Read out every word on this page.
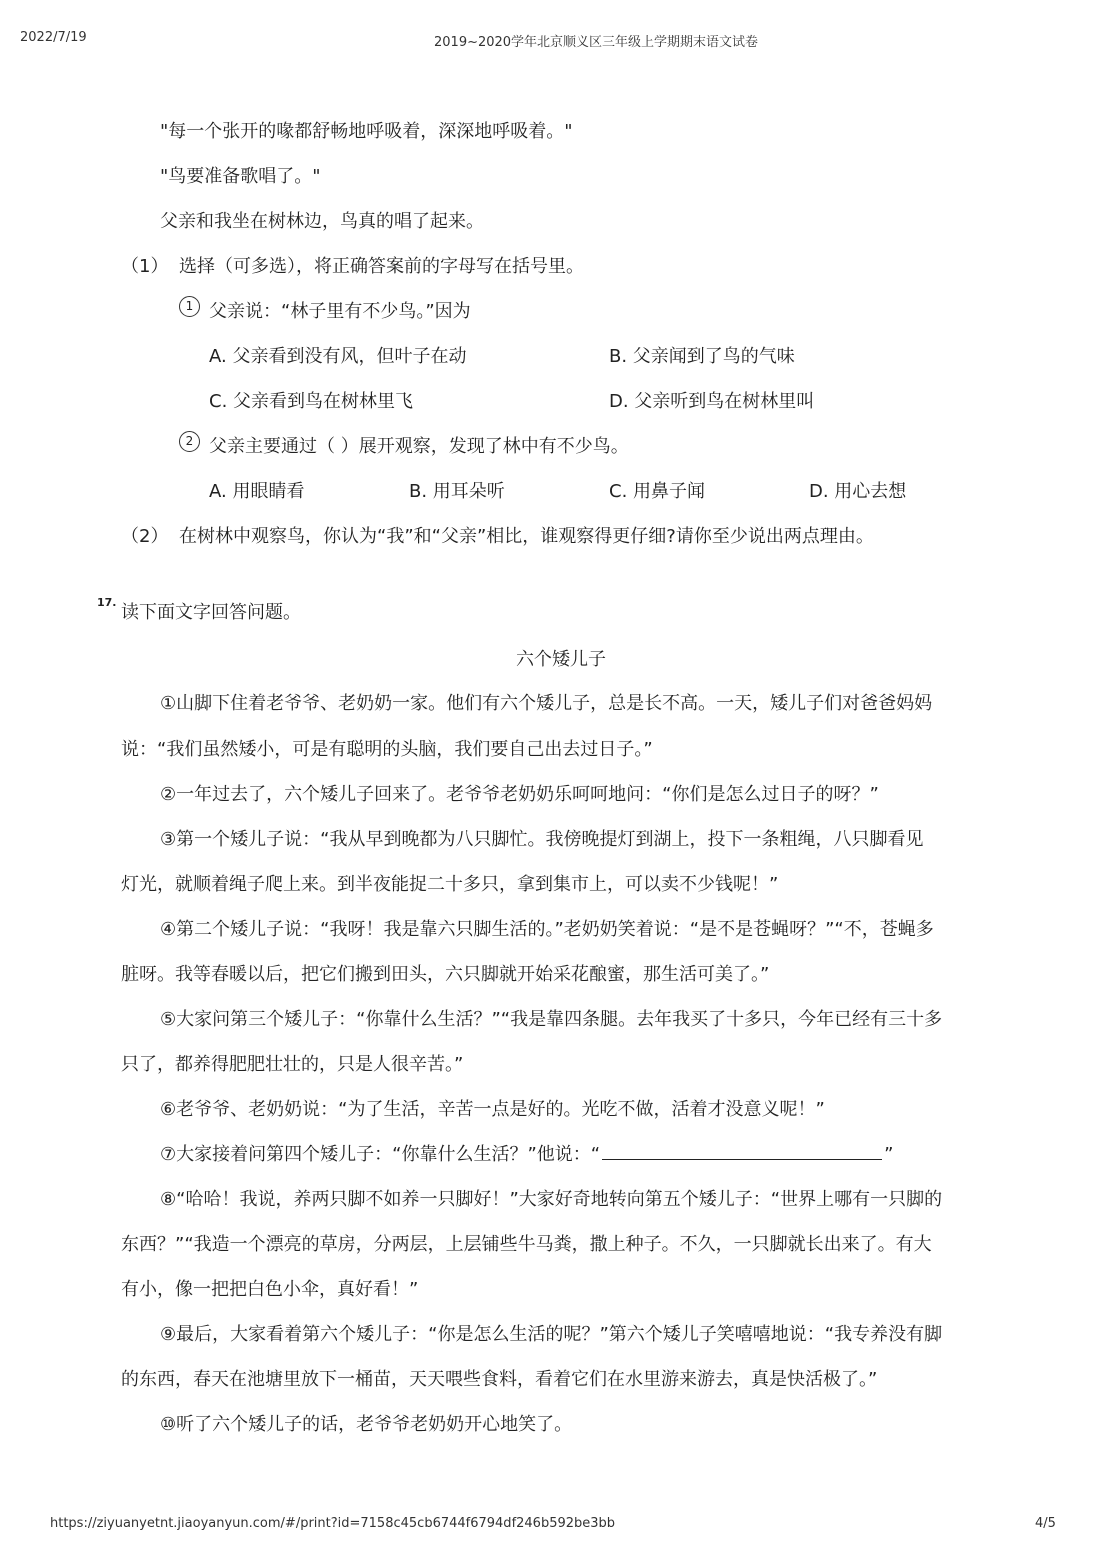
2022/7/19	2019~2020学年北京顺义区三年级上学期期末语文试卷
"每一个张开的喙都舒畅地呼吸着，深深地呼吸着。"
"鸟要准备歌唱了。"
父亲和我坐在树林边，鸟真的唱了起来。
（1） 选择（可多选），将正确答案前的字母写在括号里。
1 父亲说：“林子里有不少鸟。”因为
A. 父亲看到没有风，但叶子在动	B. 父亲闻到了鸟的气味
C. 父亲看到鸟在树林里飞	D. 父亲听到鸟在树林里叫
2 父亲主要通过（ ）展开观察，发现了林中有不少鸟。
A. 用眼睛看	B. 用耳朵听	C. 用鼻子闻	D. 用心去想
（2） 在树林中观察鸟，你认为“我”和“父亲”相比，谁观察得更仔细?请你至少说出两点理由。
17. 读下面文字回答问题。
六个矮儿子
①山脚下住着老爷爷、老奶奶一家。他们有六个矮儿子，总是长不高。一天，矮儿子们对爸爸妈妈
说：“我们虽然矮小，可是有聪明的头脑，我们要自己出去过日子。”
②一年过去了，六个矮儿子回来了。老爷爷老奶奶乐呵呵地问：“你们是怎么过日子的呀？”
③第一个矮儿子说：“我从早到晚都为八只脚忙。我傍晚提灯到湖上，投下一条粗绳，八只脚看见
灯光，就顺着绳子爬上来。到半夜能捉二十多只，拿到集市上，可以卖不少钱呢！”
④第二个矮儿子说：“我呀！我是靠六只脚生活的。”老奶奶笑着说：“是不是苍蝇呀？”“不，苍蝇多
脏呀。我等春暖以后，把它们搬到田头，六只脚就开始采花酿蜜，那生活可美了。”
⑤大家问第三个矮儿子：“你靠什么生活？”“我是靠四条腿。去年我买了十多只，今年已经有三十多
只了，都养得肥肥壮壮的，只是人很辛苦。”
⑥老爷爷、老奶奶说：“为了生活，辛苦一点是好的。光吃不做，活着才没意义呢！”
⑦大家接着问第四个矮儿子：“你靠什么生活？”他说：“	”
⑧“哈哈！我说，养两只脚不如养一只脚好！”大家好奇地转向第五个矮儿子：“世界上哪有一只脚的
东西？”“我造一个漂亮的草房，分两层，上层铺些牛马粪，撒上种子。不久，一只脚就长出来了。有大
有小，像一把把白色小伞，真好看！”
⑨最后，大家看着第六个矮儿子：“你是怎么生活的呢？”第六个矮儿子笑嘻嘻地说：“我专养没有脚
的东西，春天在池塘里放下一桶苗，天天喂些食料，看着它们在水里游来游去，真是快活极了。”
⑩听了六个矮儿子的话，老爷爷老奶奶开心地笑了。
https://ziyuanyetnt.jiaoyanyun.com/#/print?id=7158c45cb6744f6794df246b592be3bb	4/5
